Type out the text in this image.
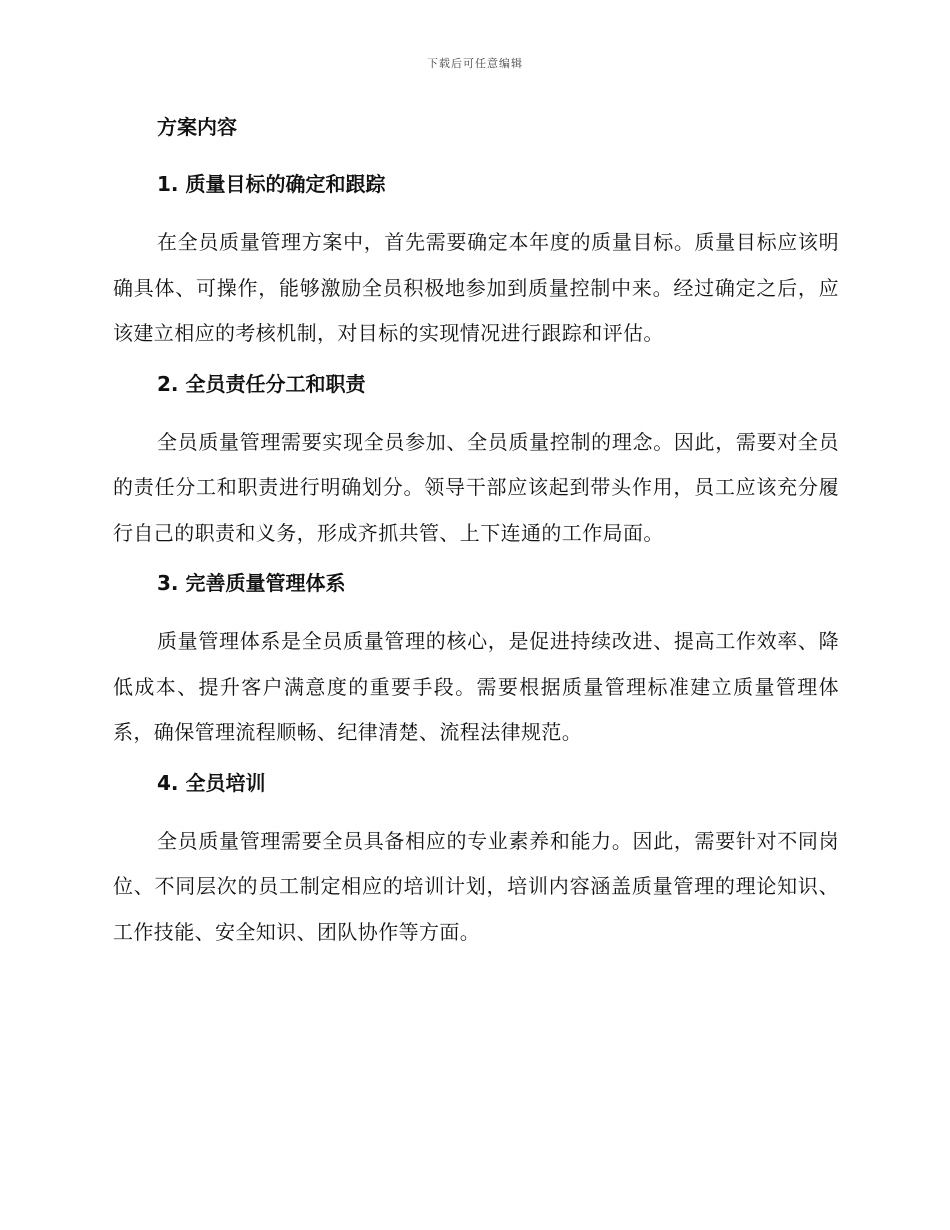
下载后可任意编辑
方案内容
1. 质量目标的确定和跟踪

在全员质量管理方案中，首先需要确定本年度的质量目标。质量目标应该明确具体、可操作，能够激励全员积极地参加到质量控制中来。经过确定之后，应该建立相应的考核机制，对目标的实现情况进行跟踪和评估。

2. 全员责任分工和职责

全员质量管理需要实现全员参加、全员质量控制的理念。因此，需要对全员的责任分工和职责进行明确划分。领导干部应该起到带头作用，员工应该充分履行自己的职责和义务，形成齐抓共管、上下连通的工作局面。

3. 完善质量管理体系

质量管理体系是全员质量管理的核心，是促进持续改进、提高工作效率、降低成本、提升客户满意度的重要手段。需要根据质量管理标准建立质量管理体系，确保管理流程顺畅、纪律清楚、流程法律规范。

4. 全员培训

全员质量管理需要全员具备相应的专业素养和能力。因此，需要针对不同岗位、不同层次的员工制定相应的培训计划，培训内容涵盖质量管理的理论知识、工作技能、安全知识、团队协作等方面。
